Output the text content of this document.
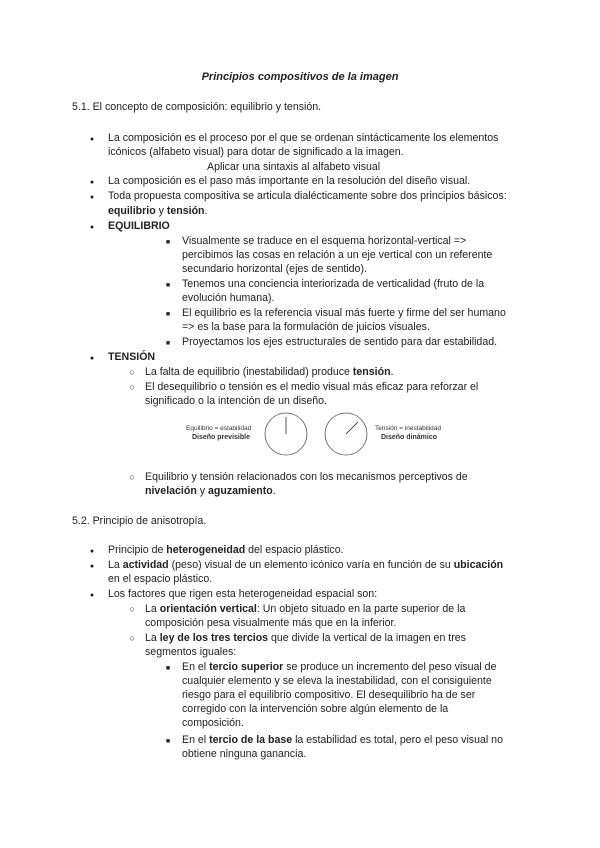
Principios compositivos de la imagen
5.1. El concepto de composición: equilibrio y tensión.
●
La composición es el proceso por el que se ordenan sintácticamente los elementos
icónicos (alfabeto visual) para dotar de significado a la imagen.
Aplicar una sintaxis al alfabeto visual
●
La composición es el paso más importante en la resolución del diseño visual.
●
Toda propuesta compositiva se articula dialécticamente sobre dos principios básicos:
equilibrio y tensión.
●
EQUILIBRIO
■
Visualmente se traduce en el esquema horizontal-vertical =>
percibimos las cosas en relación a un eje vertical con un referente
secundario horizontal (ejes de sentido).
■
Tenemos una conciencia interiorizada de verticalidad (fruto de la
evolución humana).
■
El equilibrio es la referencia visual más fuerte y firme del ser humano
=> es la base para la formulación de juicios visuales.
■
Proyectamos los ejes estructurales de sentido para dar estabilidad.
●
TENSIÓN
○
La falta de equilibrio (inestabilidad) produce tensión.
○
El desequilibrio o tensión es el medio visual más eficaz para reforzar el
significado o la intención de un diseño.
Equilibrio = estabilidad
Diseño previsible
Tensión = inestabilidad
Diseño dinámico
○
Equilibrio y tensión relacionados con los mecanismos perceptivos de
nivelación y aguzamiento.
5.2. Principio de anisotropía.
●
Principio de heterogeneidad del espacio plástico.
●
La actividad (peso) visual de un elemento icónico varía en función de su ubicación
en el espacio plástico.
●
Los factores que rigen esta heterogeneidad espacial son:
○
La orientación vertical: Un objeto situado en la parte superior de la
composición pesa visualmente más que en la inferior.
○
La ley de los tres tercios que divide la vertical de la imagen en tres
segmentos iguales:
■
En el tercio superior se produce un incremento del peso visual de
cualquier elemento y se eleva la inestabilidad, con el consiguiente
riesgo para el equilibrio compositivo. El desequilibrio ha de ser
corregido con la intervención sobre algún elemento de la
composición.
■
En el tercio de la base la estabilidad es total, pero el peso visual no
obtiene ninguna ganancia.
